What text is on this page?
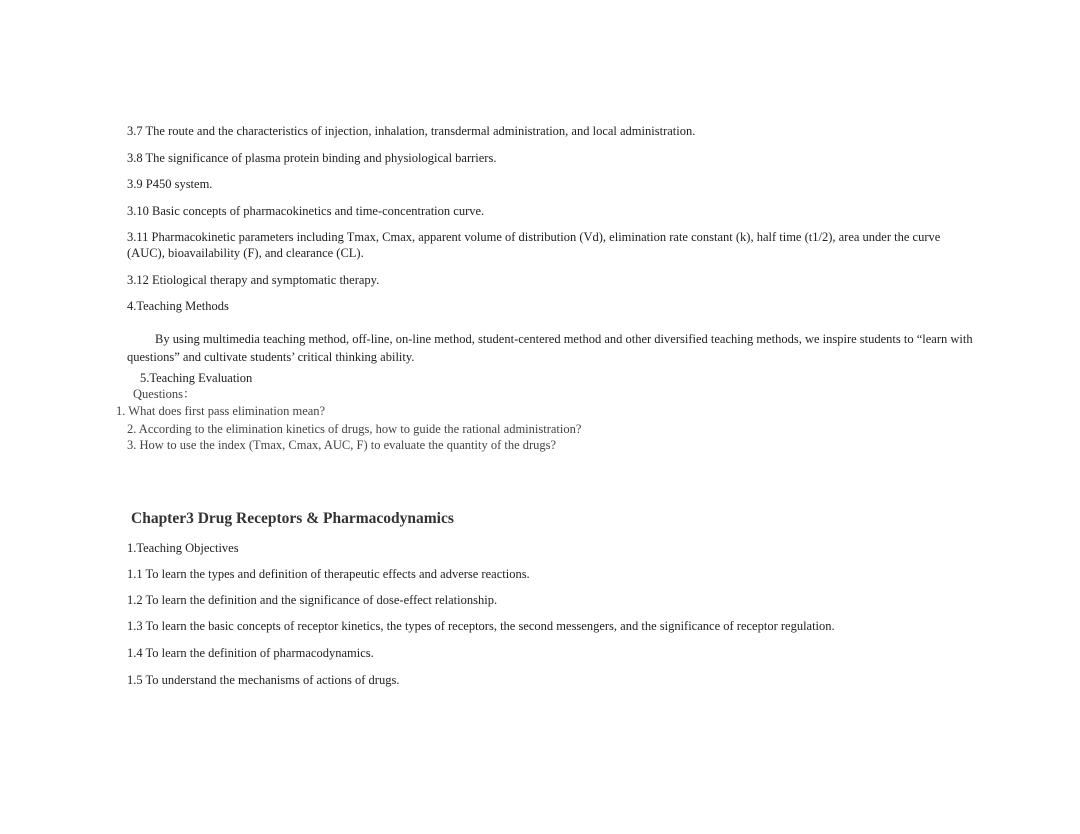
3.7 The route and the characteristics of injection, inhalation, transdermal administration, and local administration.
3.8 The significance of plasma protein binding and physiological barriers.
3.9 P450 system.
3.10 Basic concepts of pharmacokinetics and time-concentration curve.
3.11 Pharmacokinetic parameters including Tmax, Cmax, apparent volume of distribution (Vd), elimination rate constant (k), half time (t1/2), area under the curve (AUC), bioavailability (F), and clearance (CL).
3.12 Etiological therapy and symptomatic therapy.
4.Teaching Methods
By using multimedia teaching method, off-line, on-line method, student-centered method and other diversified teaching methods, we inspire students to “learn with questions” and cultivate students’ critical thinking ability.
5.Teaching Evaluation
Questions：
1. What does first pass elimination mean?
2. According to the elimination kinetics of drugs, how to guide the rational administration?
3. How to use the index (Tmax, Cmax, AUC, F) to evaluate the quantity of the drugs?
Chapter3 Drug Receptors & Pharmacodynamics
1.Teaching Objectives
1.1 To learn the types and definition of therapeutic effects and adverse reactions.
1.2 To learn the definition and the significance of dose-effect relationship.
1.3 To learn the basic concepts of receptor kinetics, the types of receptors, the second messengers, and the significance of receptor regulation.
1.4 To learn the definition of pharmacodynamics.
1.5 To understand the mechanisms of actions of drugs.
